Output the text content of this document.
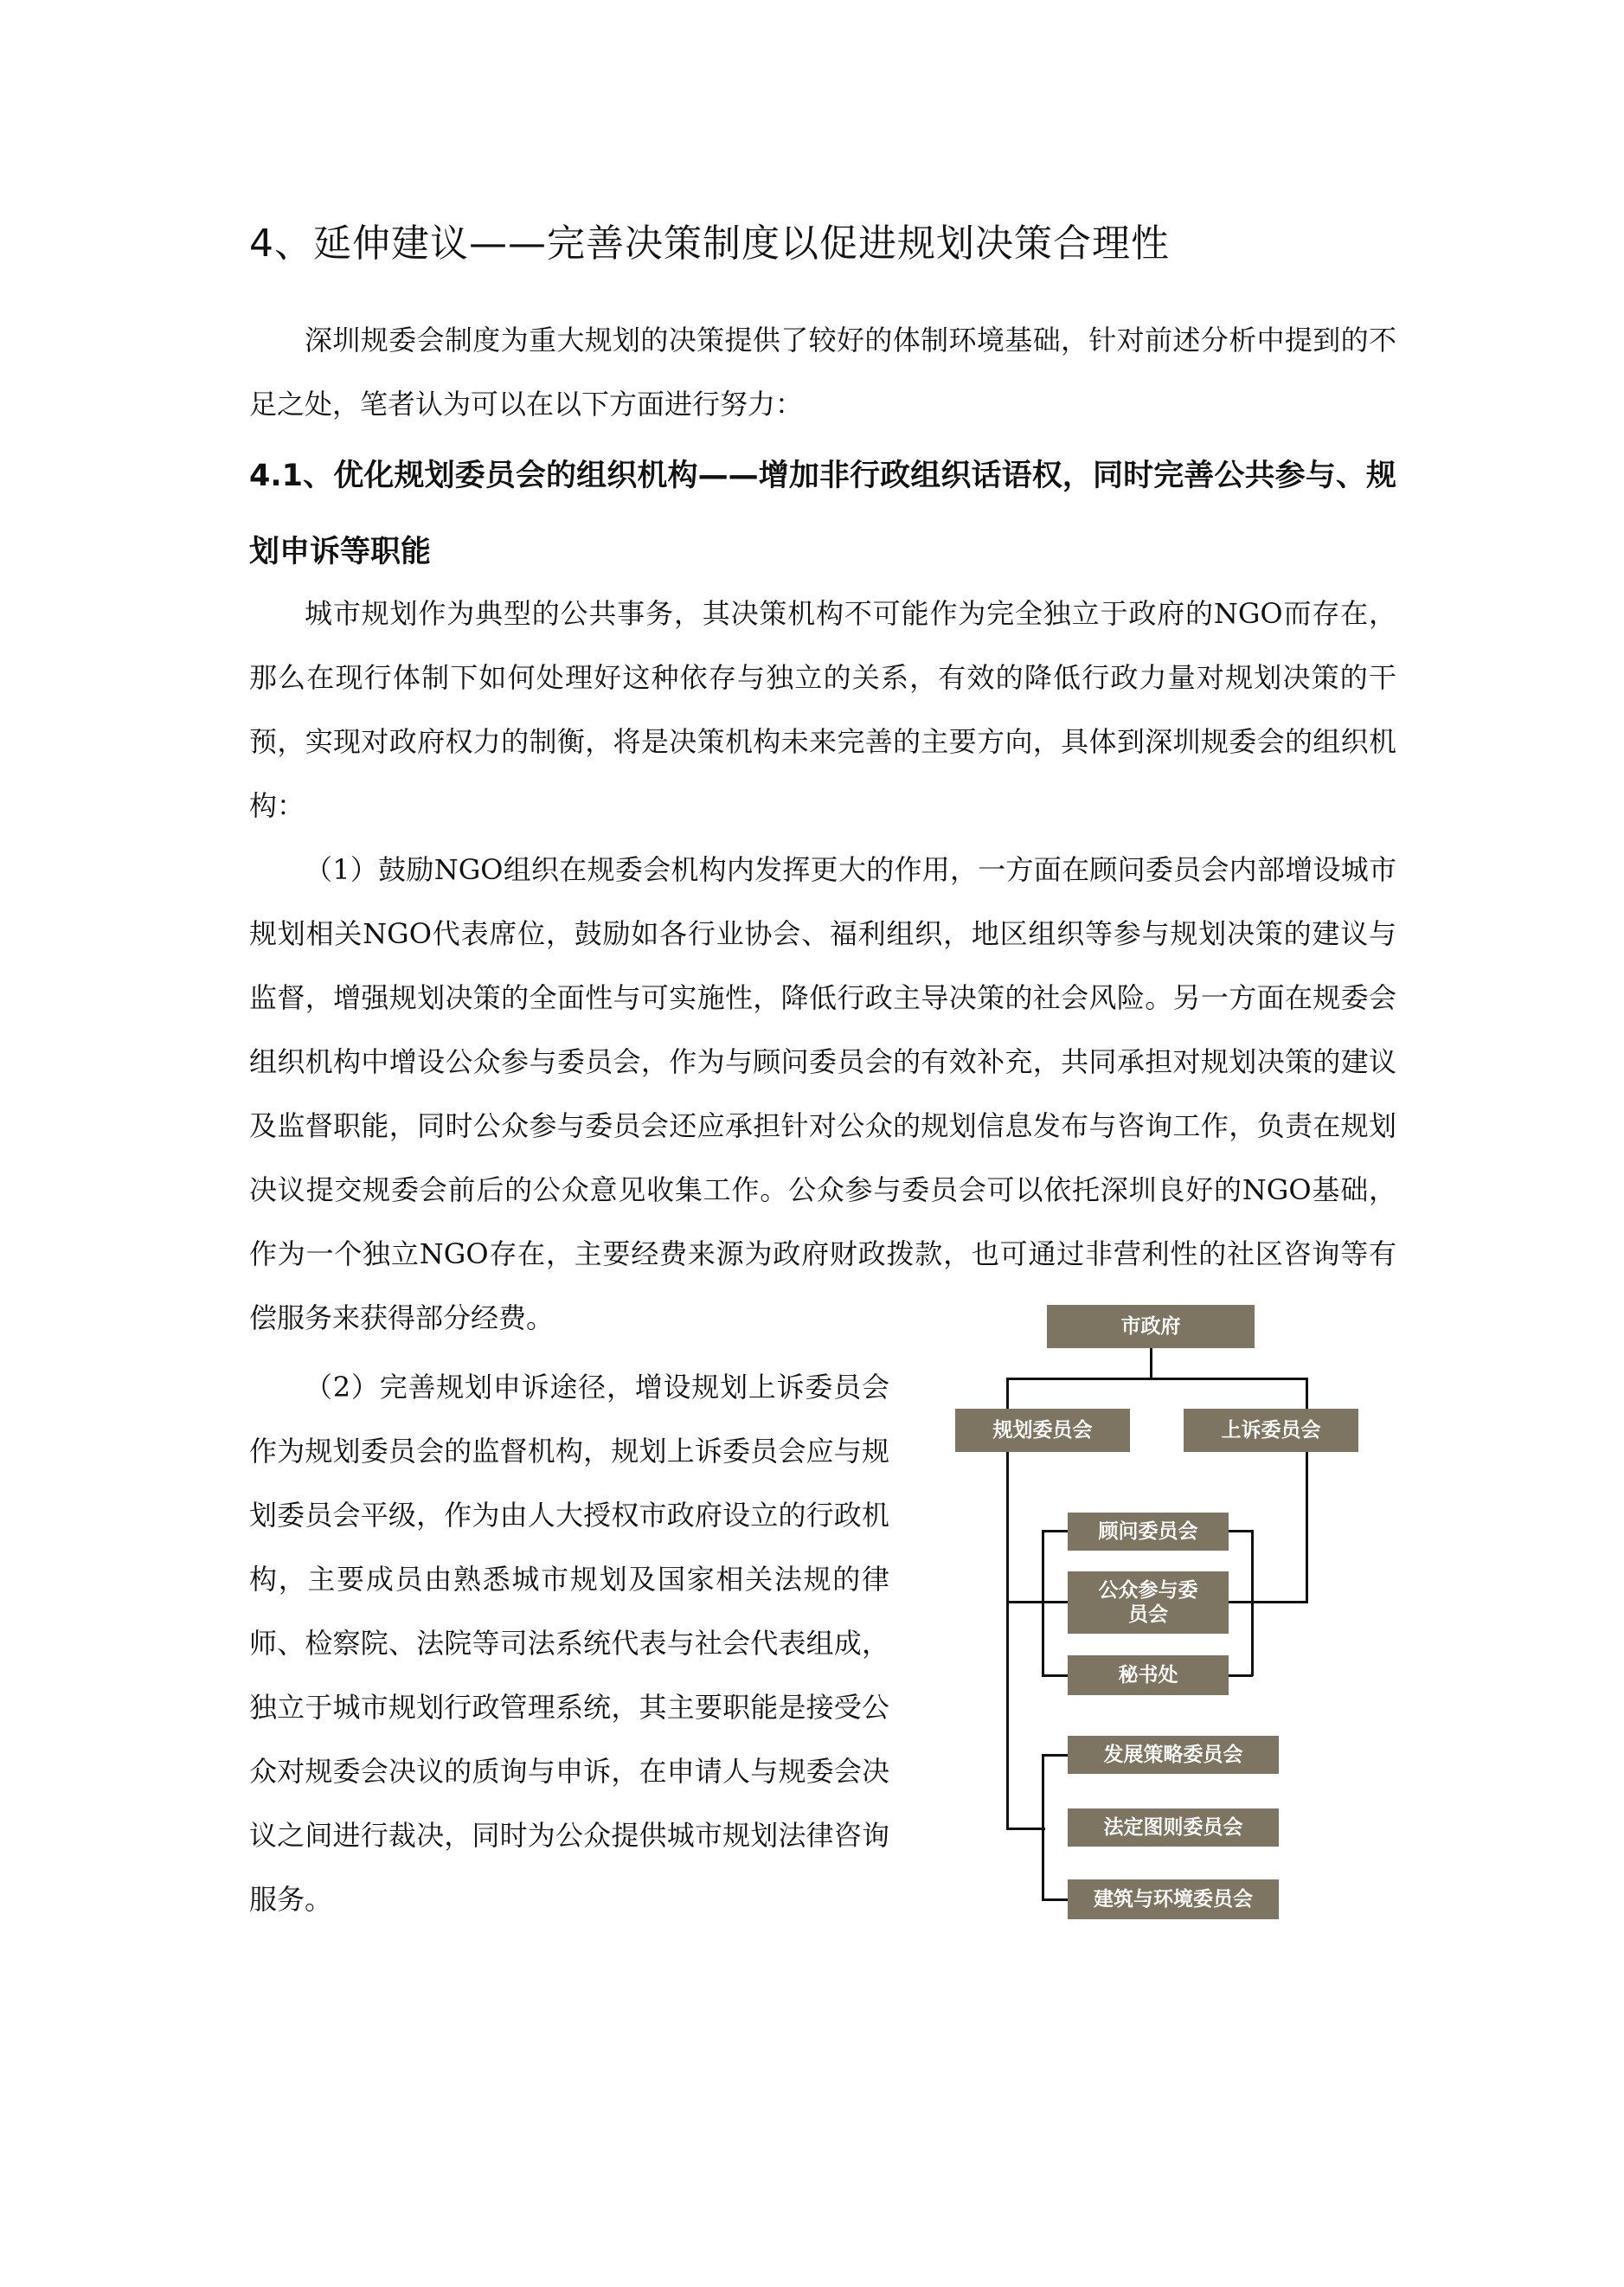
4、延伸建议——完善决策制度以促进规划决策合理性
深圳规委会制度为重大规划的决策提供了较好的体制环境基础，针对前述分析中提到的不足之处，笔者认为可以在以下方面进行努力：
4.1、优化规划委员会的组织机构——增加非行政组织话语权，同时完善公共参与、规划申诉等职能
城市规划作为典型的公共事务，其决策机构不可能作为完全独立于政府的NGO而存在，那么在现行体制下如何处理好这种依存与独立的关系，有效的降低行政力量对规划决策的干预，实现对政府权力的制衡，将是决策机构未来完善的主要方向，具体到深圳规委会的组织机构：
（1）鼓励NGO组织在规委会机构内发挥更大的作用，一方面在顾问委员会内部增设城市规划相关NGO代表席位，鼓励如各行业协会、福利组织，地区组织等参与规划决策的建议与监督，增强规划决策的全面性与可实施性，降低行政主导决策的社会风险。另一方面在规委会组织机构中增设公众参与委员会，作为与顾问委员会的有效补充，共同承担对规划决策的建议及监督职能，同时公众参与委员会还应承担针对公众的规划信息发布与咨询工作，负责在规划决议提交规委会前后的公众意见收集工作。公众参与委员会可以依托深圳良好的NGO基础，作为一个独立NGO存在，主要经费来源为政府财政拨款，也可通过非营利性的社区咨询等有偿服务来获得部分经费。
（2）完善规划申诉途径，增设规划上诉委员会作为规划委员会的监督机构，规划上诉委员会应与规划委员会平级，作为由人大授权市政府设立的行政机构，主要成员由熟悉城市规划及国家相关法规的律师、检察院、法院等司法系统代表与社会代表组成，独立于城市规划行政管理系统，其主要职能是接受公众对规委会决议的质询与申诉，在申请人与规委会决议之间进行裁决，同时为公众提供城市规划法律咨询服务。
市政府
规划委员会	上诉委员会
顾问委员会
公众参与委员会
秘书处
发展策略委员会
法定图则委员会
建筑与环境委员会
